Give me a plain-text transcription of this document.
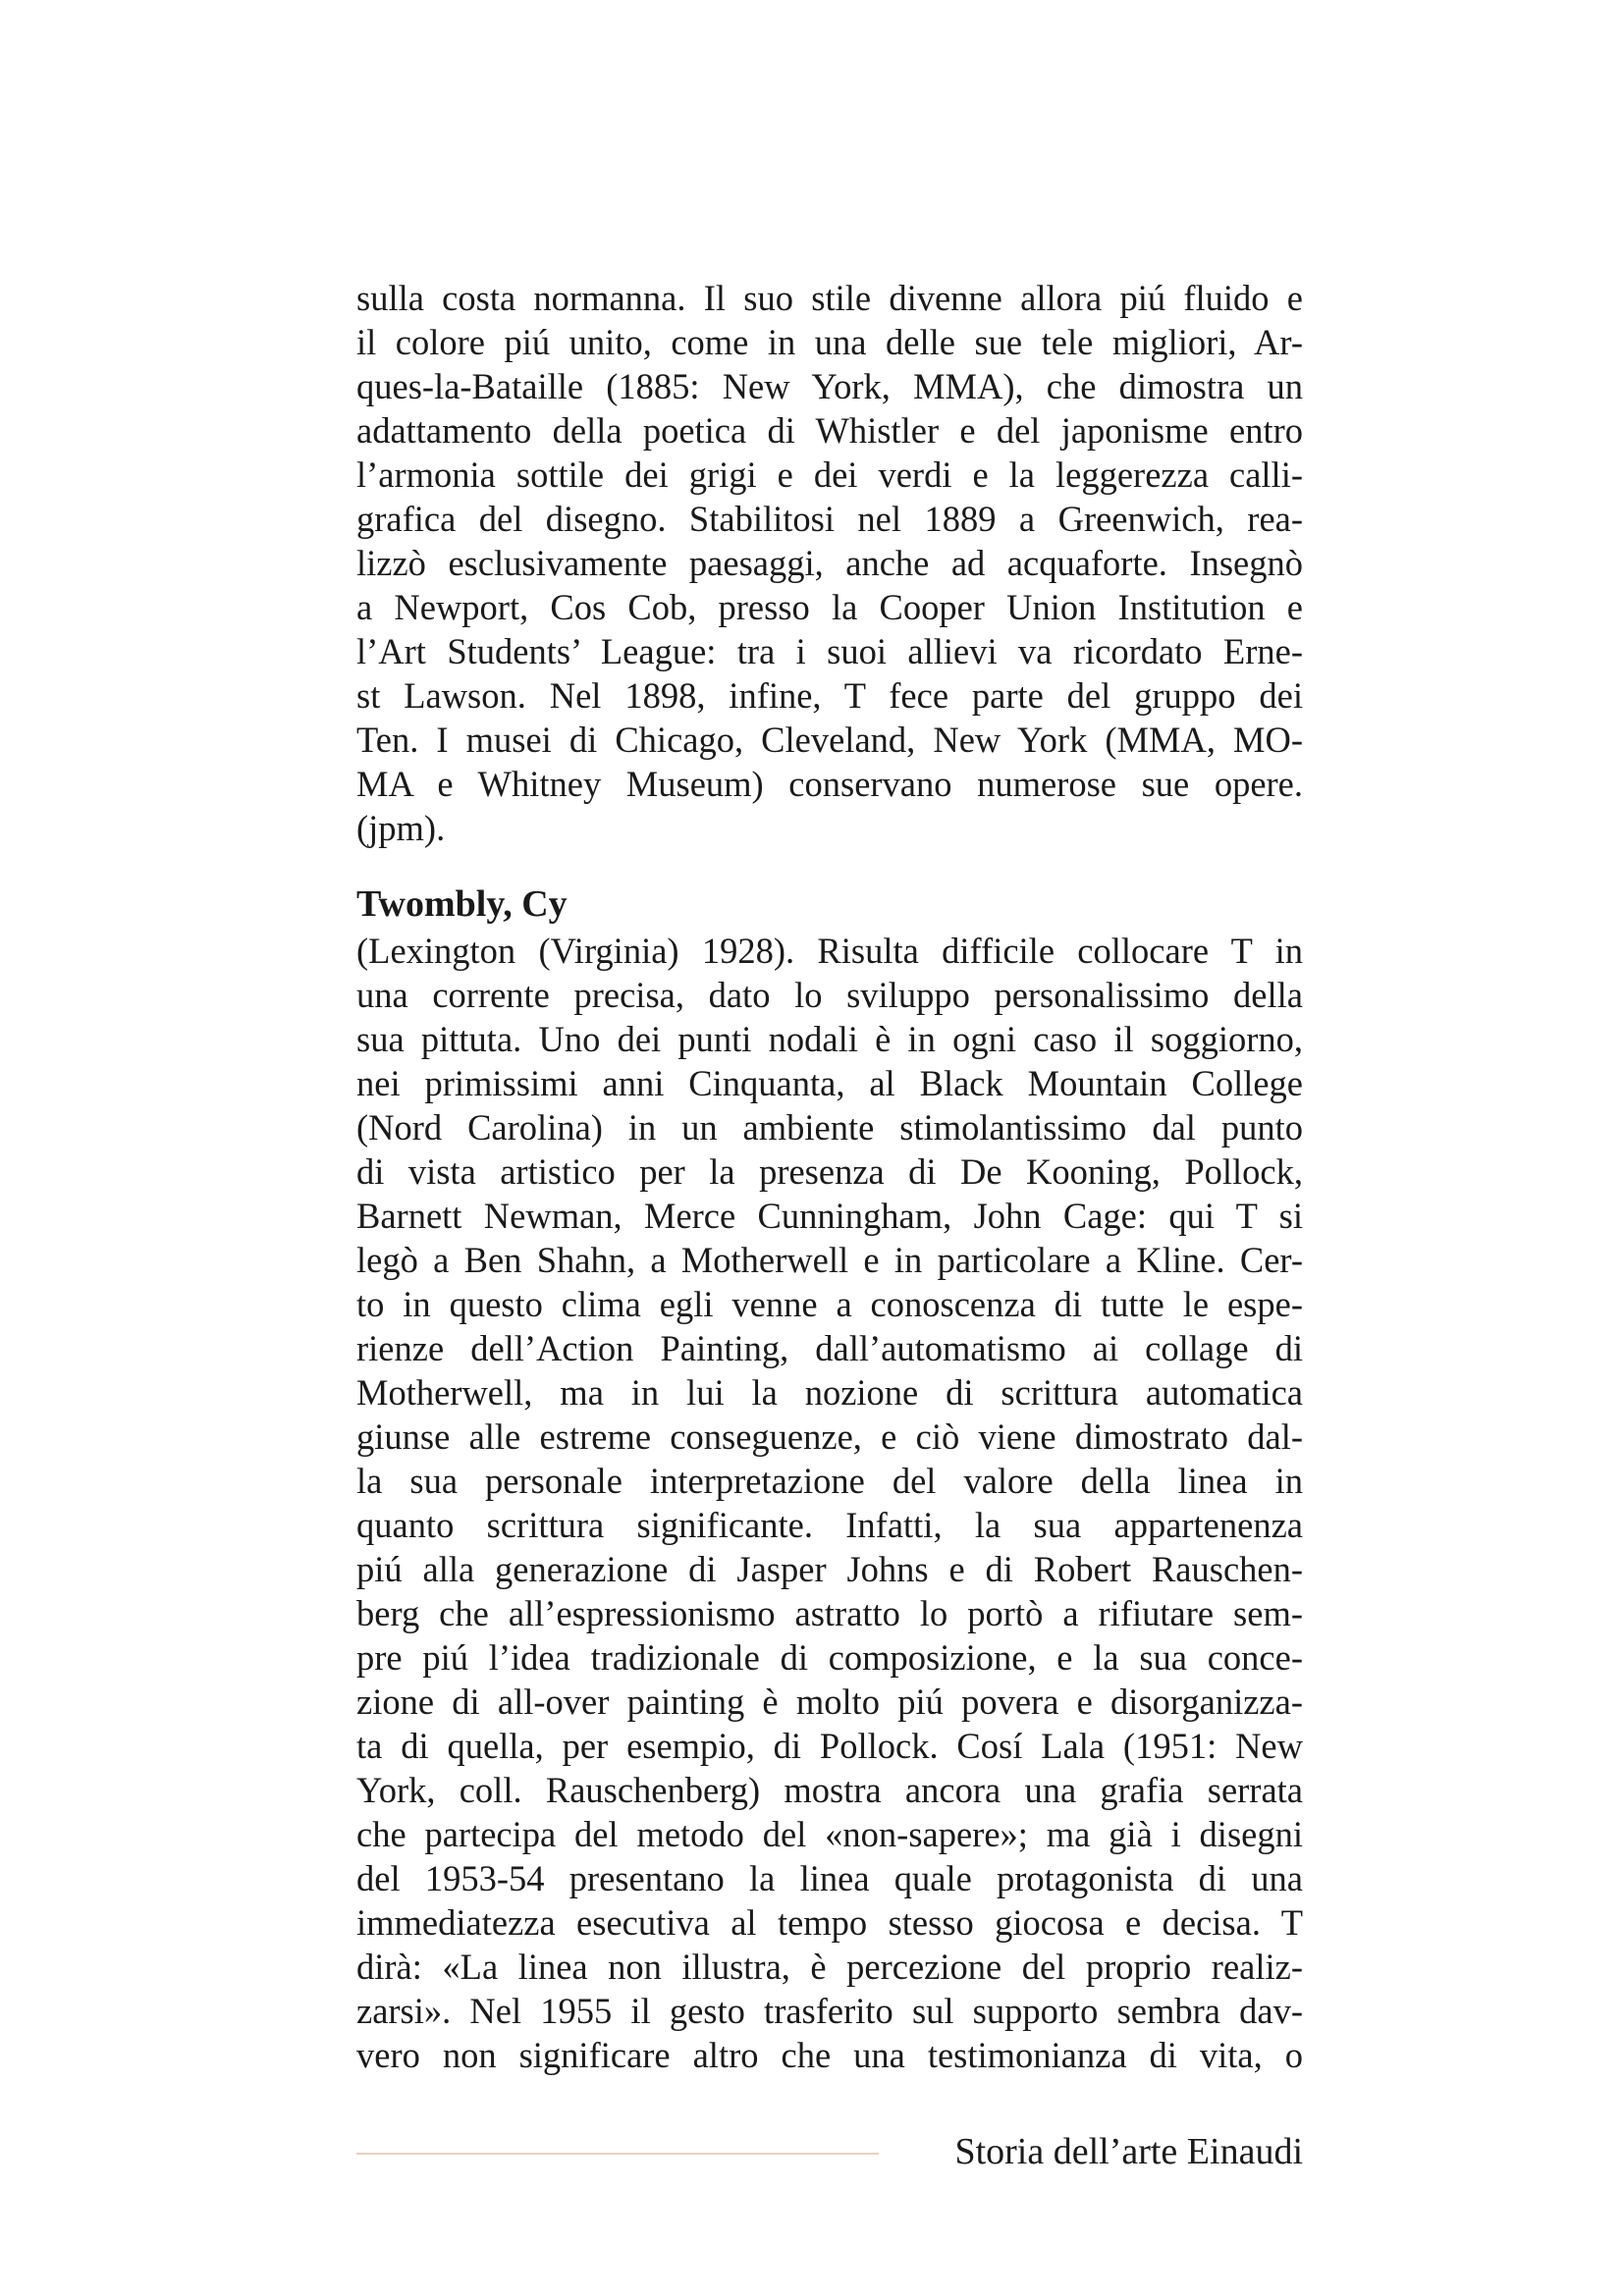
sulla costa normanna. Il suo stile divenne allora piú fluido e
il colore piú unito, come in una delle sue tele migliori, Ar-
ques-la-Bataille (1885: New York, MMA), che dimostra un
adattamento della poetica di Whistler e del japonisme entro
l’armonia sottile dei grigi e dei verdi e la leggerezza calli-
grafica del disegno. Stabilitosi nel 1889 a Greenwich, rea-
lizzò esclusivamente paesaggi, anche ad acquaforte. Insegnò
a Newport, Cos Cob, presso la Cooper Union Institution e
l’Art Students’ League: tra i suoi allievi va ricordato Erne-
st Lawson. Nel 1898, infine, T fece parte del gruppo dei
Ten. I musei di Chicago, Cleveland, New York (MMA, MO-
MA e Whitney Museum) conservano numerose sue opere.
(jpm).
Twombly, Cy
(Lexington (Virginia) 1928). Risulta difficile collocare T in
una corrente precisa, dato lo sviluppo personalissimo della
sua pittuta. Uno dei punti nodali è in ogni caso il soggiorno,
nei primissimi anni Cinquanta, al Black Mountain College
(Nord Carolina) in un ambiente stimolantissimo dal punto
di vista artistico per la presenza di De Kooning, Pollock,
Barnett Newman, Merce Cunningham, John Cage: qui T si
legò a Ben Shahn, a Motherwell e in particolare a Kline. Cer-
to in questo clima egli venne a conoscenza di tutte le espe-
rienze dell’Action Painting, dall’automatismo ai collage di
Motherwell, ma in lui la nozione di scrittura automatica
giunse alle estreme conseguenze, e ciò viene dimostrato dal-
la sua personale interpretazione del valore della linea in
quanto scrittura significante. Infatti, la sua appartenenza
piú alla generazione di Jasper Johns e di Robert Rauschen-
berg che all’espressionismo astratto lo portò a rifiutare sem-
pre piú l’idea tradizionale di composizione, e la sua conce-
zione di all-over painting è molto piú povera e disorganizza-
ta di quella, per esempio, di Pollock. Cosí Lala (1951: New
York, coll. Rauschenberg) mostra ancora una grafia serrata
che partecipa del metodo del «non-sapere»; ma già i disegni
del 1953-54 presentano la linea quale protagonista di una
immediatezza esecutiva al tempo stesso giocosa e decisa. T
dirà: «La linea non illustra, è percezione del proprio realiz-
zarsi». Nel 1955 il gesto trasferito sul supporto sembra dav-
vero non significare altro che una testimonianza di vita, o
Storia dell’arte Einaudi
